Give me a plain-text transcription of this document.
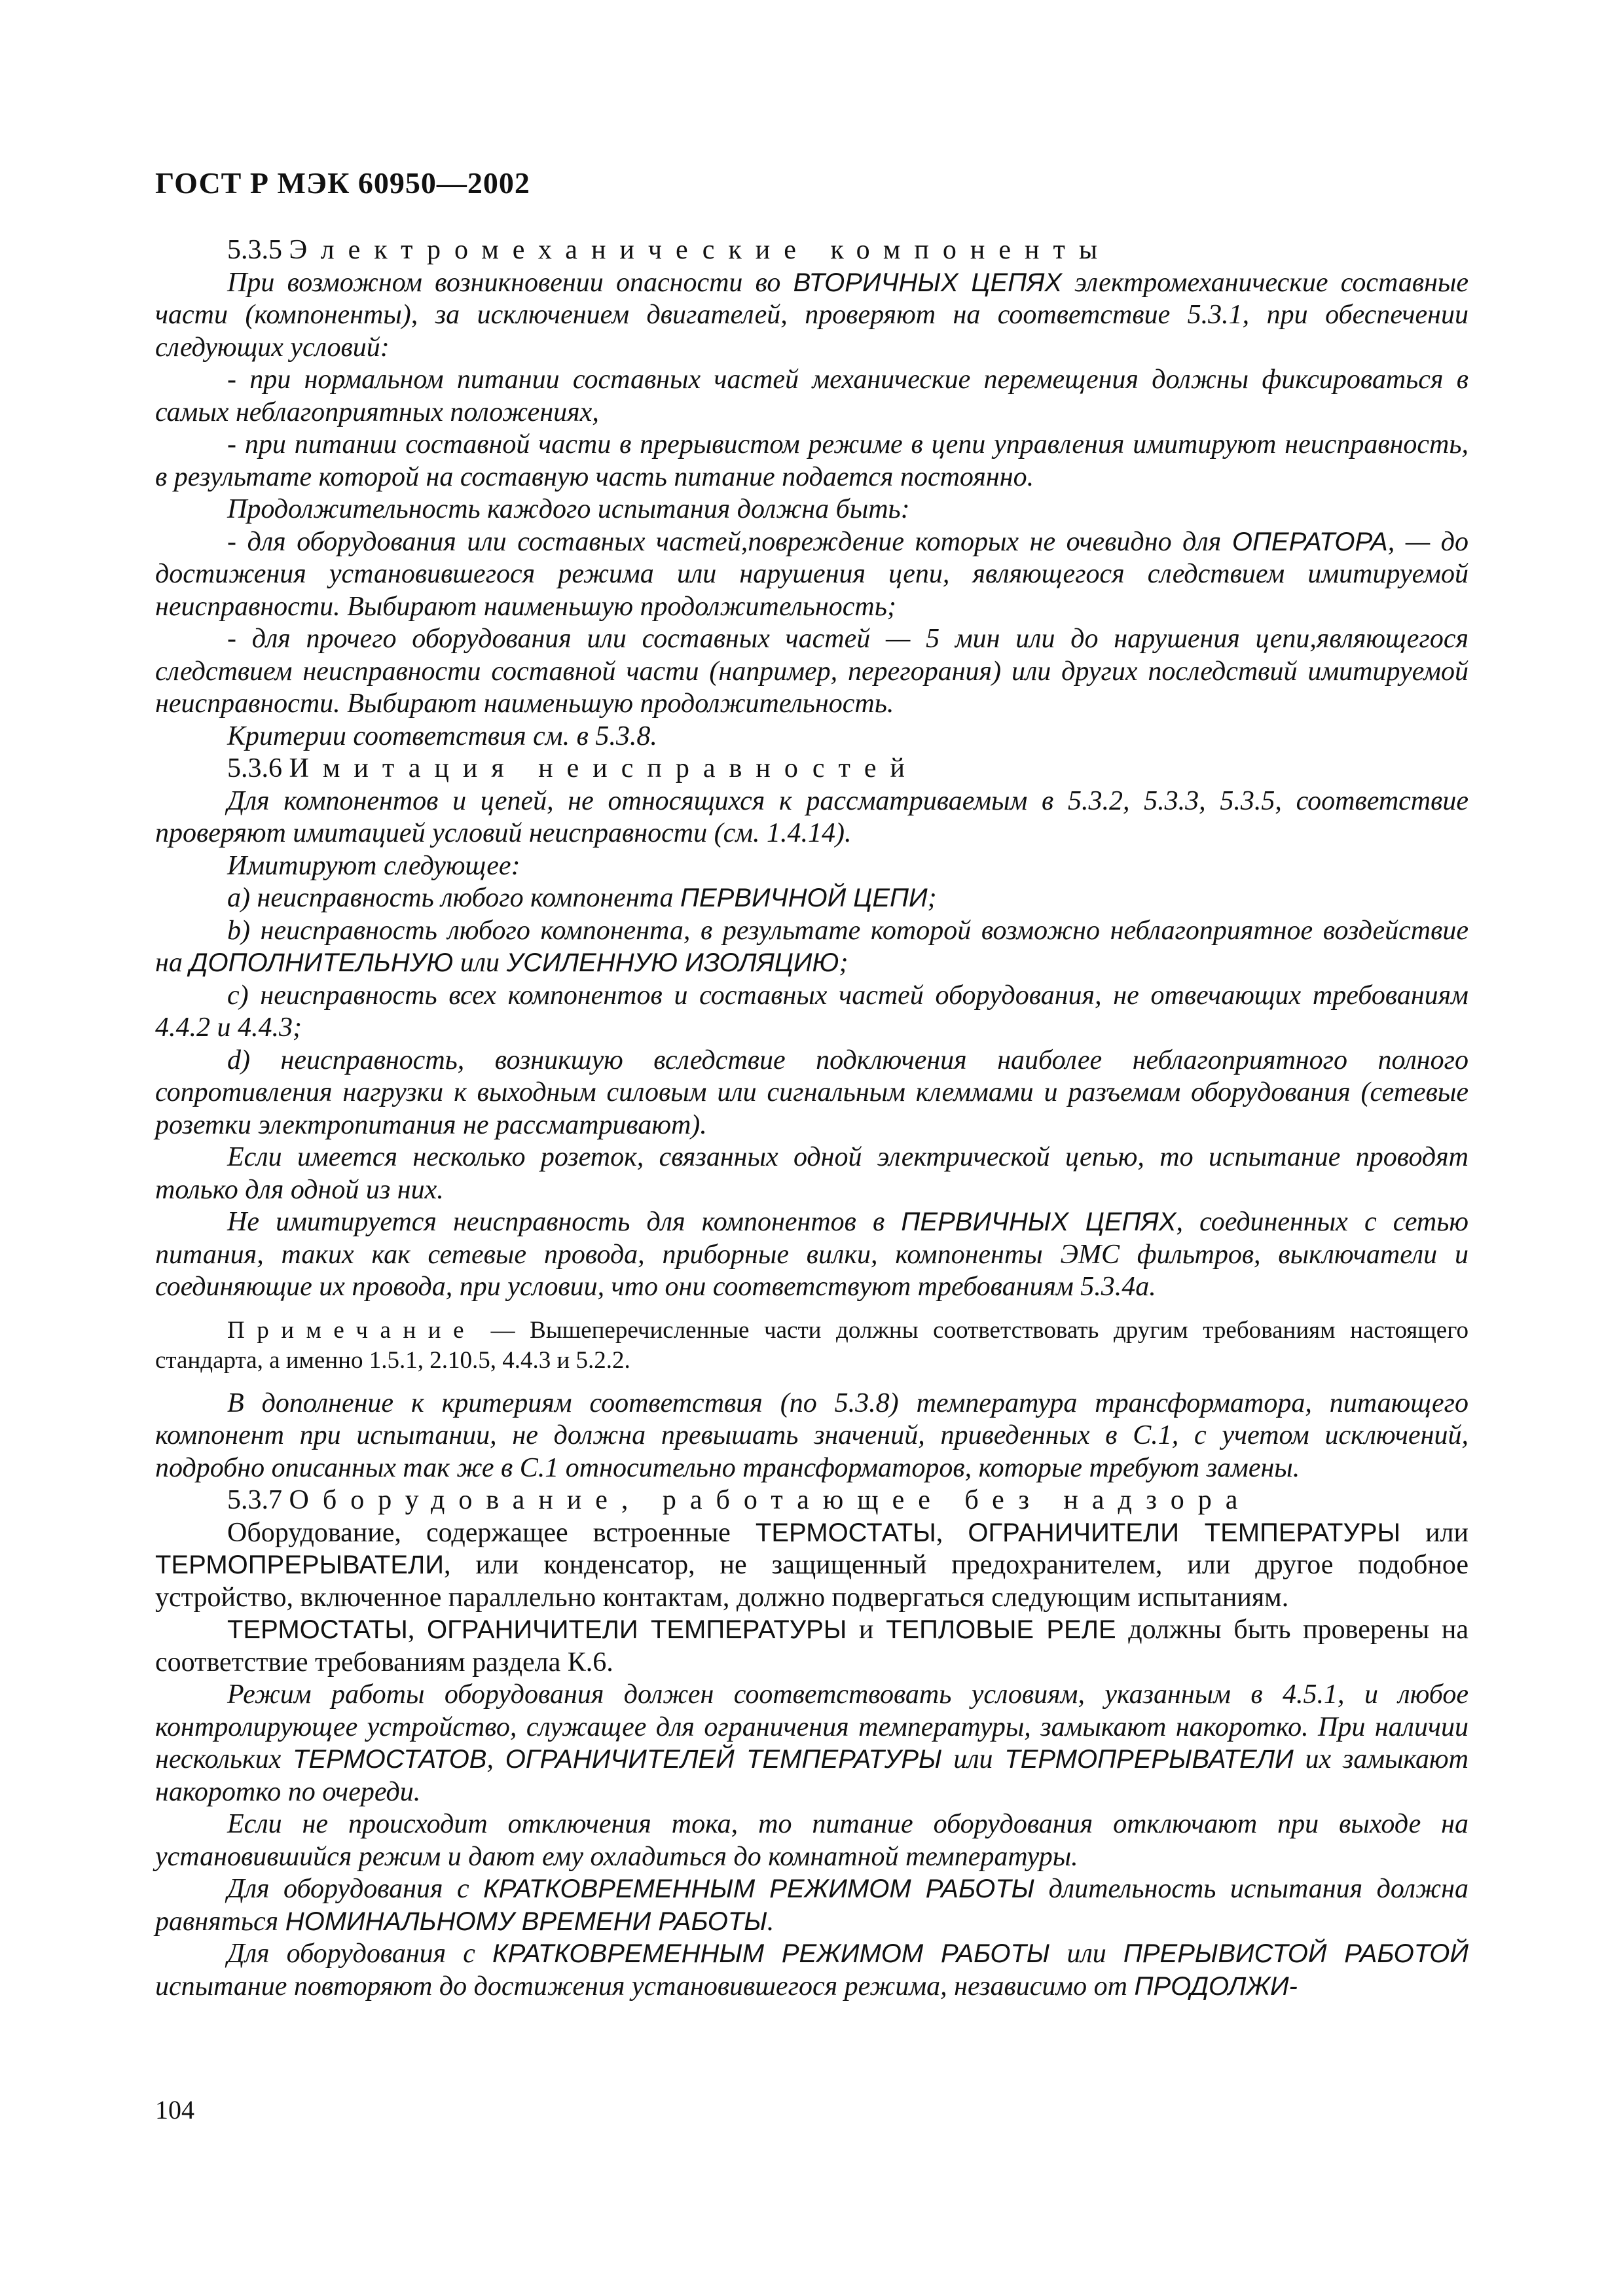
ГОСТ Р МЭК 60950—2002

5.3.5 Электромеханические компоненты

При возможном возникновении опасности во ВТОРИЧНЫХ ЦЕПЯХ электромеханические составные части (компоненты), за исключением двигателей, проверяют на соответствие 5.3.1, при обеспечении следующих условий:

- при нормальном питании составных частей механические перемещения должны фиксироваться в самых неблагоприятных положениях,

- при питании составной части в прерывистом режиме в цепи управления имитируют неисправность, в результате которой на составную часть питание подается постоянно.

Продолжительность каждого испытания должна быть:

- для оборудования или составных частей,повреждение которых не очевидно для ОПЕРАТОРА, — до достижения установившегося режима или нарушения цепи, являющегося следствием имитируемой неисправности. Выбирают наименьшую продолжительность;

- для прочего оборудования или составных частей — 5 мин или до нарушения цепи,являющегося следствием неисправности составной части (например, перегорания) или других последствий имитируемой неисправности. Выбирают наименьшую продолжительность.

Критерии соответствия см. в 5.3.8.

5.3.6 Имитация неисправностей

Для компонентов и цепей, не относящихся к рассматриваемым в 5.3.2, 5.3.3, 5.3.5, соответствие проверяют имитацией условий неисправности (см. 1.4.14).

Имитируют следующее:

а) неисправность любого компонента ПЕРВИЧНОЙ ЦЕПИ;

b) неисправность любого компонента, в результате которой возможно неблагоприятное воздействие на ДОПОЛНИТЕЛЬНУЮ или УСИЛЕННУЮ ИЗОЛЯЦИЮ;

c) неисправность всех компонентов и составных частей оборудования, не отвечающих требованиям 4.4.2 и 4.4.3;

d) неисправность, возникшую вследствие подключения наиболее неблагоприятного полного сопротивления нагрузки к выходным силовым или сигнальным клеммами и разъемам оборудования (сетевые розетки электропитания не рассматривают).

Если имеется несколько розеток, связанных одной электрической цепью, то испытание проводят только для одной из них.

Не имитируется неисправность для компонентов в ПЕРВИЧНЫХ ЦЕПЯХ, соединенных с сетью питания, таких как сетевые провода, приборные вилки, компоненты ЭМС фильтров, выключатели и соединяющие их провода, при условии, что они соответствуют требованиям 5.3.4а.

Примечание — Вышеперечисленные части должны соответствовать другим требованиям настоящего стандарта, а именно 1.5.1, 2.10.5, 4.4.3 и 5.2.2.

В дополнение к критериям соответствия (по 5.3.8) температура трансформатора, питающего компонент при испытании, не должна превышать значений, приведенных в С.1, с учетом исключений, подробно описанных так же в С.1 относительно трансформаторов, которые требуют замены.

5.3.7 Оборудование, работающее без надзора

Оборудование, содержащее встроенные ТЕРМОСТАТЫ, ОГРАНИЧИТЕЛИ ТЕМПЕРАТУРЫ или ТЕРМОПРЕРЫВАТЕЛИ, или конденсатор, не защищенный предохранителем, или другое подобное устройство, включенное параллельно контактам, должно подвергаться следующим испытаниям.

ТЕРМОСТАТЫ, ОГРАНИЧИТЕЛИ ТЕМПЕРАТУРЫ и ТЕПЛОВЫЕ РЕЛЕ должны быть проверены на соответствие требованиям раздела К.6.

Режим работы оборудования должен соответствовать условиям, указанным в 4.5.1, и любое контролирующее устройство, служащее для ограничения температуры, замыкают накоротко. При наличии нескольких ТЕРМОСТАТОВ, ОГРАНИЧИТЕЛЕЙ ТЕМПЕРАТУРЫ или ТЕРМОПРЕРЫВАТЕЛИ их замыкают накоротко по очереди.

Если не происходит отключения тока, то питание оборудования отключают при выходе на установившийся режим и дают ему охладиться до комнатной температуры.

Для оборудования с КРАТКОВРЕМЕННЫМ РЕЖИМОМ РАБОТЫ длительность испытания должна равняться НОМИНАЛЬНОМУ ВРЕМЕНИ РАБОТЫ.

Для оборудования с КРАТКОВРЕМЕННЫМ РЕЖИМОМ РАБОТЫ или ПРЕРЫВИСТОЙ РАБОТОЙ испытание повторяют до достижения установившегося режима, независимо от ПРОДОЛЖИ-

104
